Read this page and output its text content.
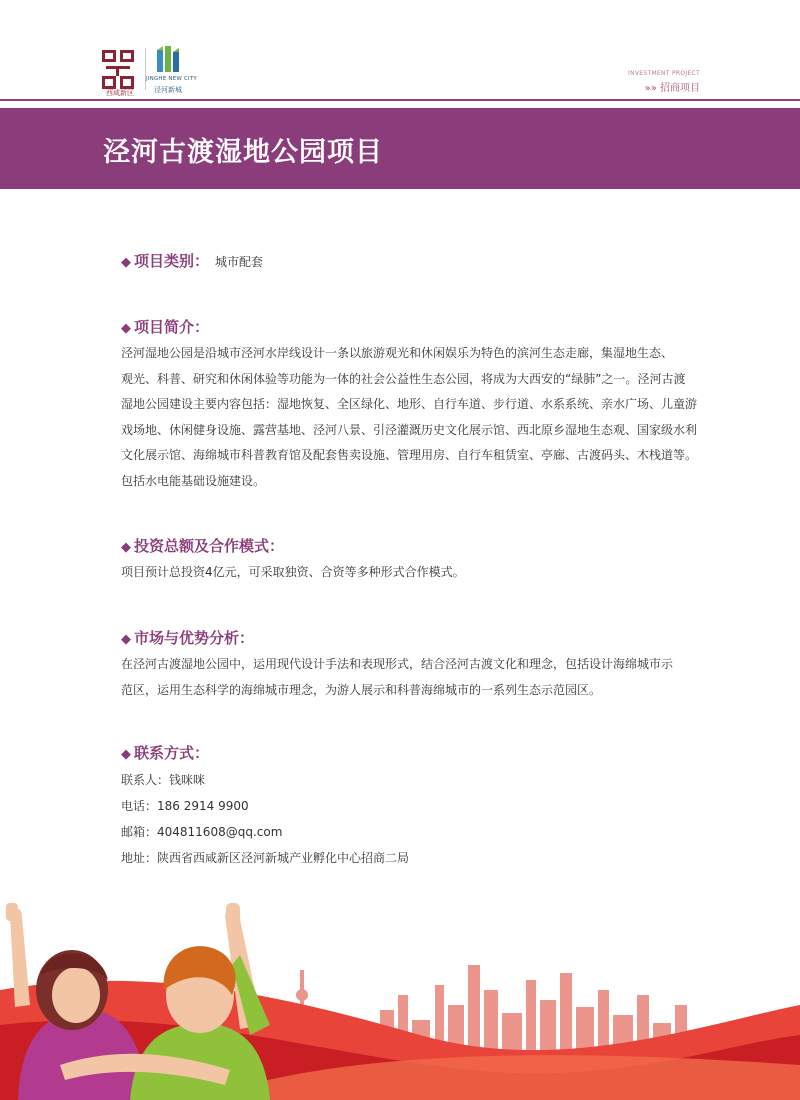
西咸新区
JINGHE NEW CITY
泾河新城
INVESTMENT PROJECT
»» 招商项目
泾河古渡湿地公园项目
◆ 项目类别： 城市配套
◆ 项目简介：
泾河湿地公园是沿城市泾河水岸线设计一条以旅游观光和休闲娱乐为特色的滨河生态走廊，集湿地生态、
观光、科普、研究和休闲体验等功能为一体的社会公益性生态公园，将成为大西安的“绿肺”之一。泾河古渡
湿地公园建设主要内容包括：湿地恢复、全区绿化、地形、自行车道、步行道、水系系统、亲水广场、儿童游
戏场地、休闲健身设施、露营基地、泾河八景、引泾灌溉历史文化展示馆、西北原乡湿地生态观、国家级水利
文化展示馆、海绵城市科普教育馆及配套售卖设施、管理用房、自行车租赁室、亭廊、古渡码头、木栈道等。
包括水电能基础设施建设。
◆ 投资总额及合作模式：
项目预计总投资4亿元，可采取独资、合资等多种形式合作模式。
◆ 市场与优势分析：
在泾河古渡湿地公园中，运用现代设计手法和表现形式，结合泾河古渡文化和理念，包括设计海绵城市示
范区，运用生态科学的海绵城市理念，为游人展示和科普海绵城市的一系列生态示范园区。
◆ 联系方式：
联系人：钱咪咪
电话：186 2914 9900
邮箱：404811608@qq.com
地址：陕西省西咸新区泾河新城产业孵化中心招商二局
